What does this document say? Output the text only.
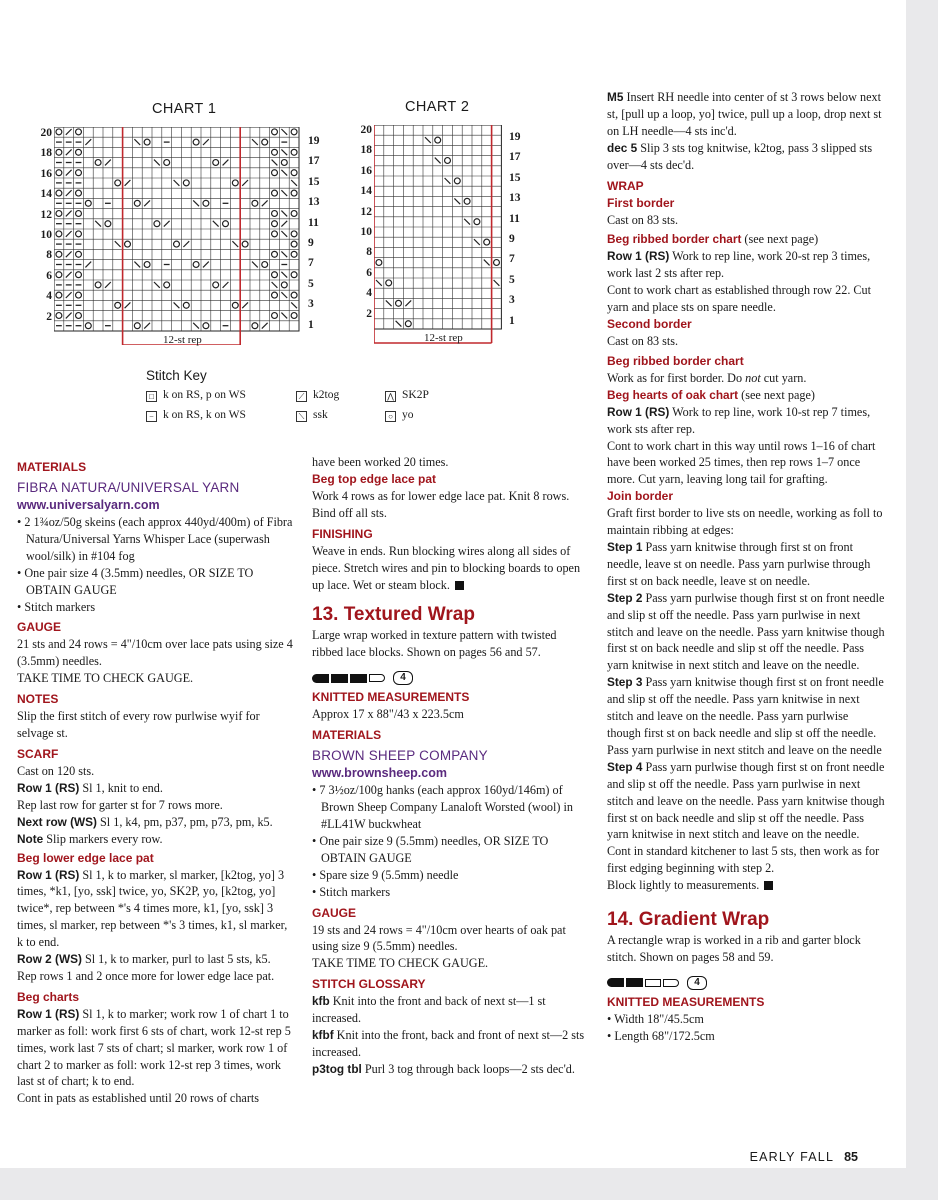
CHART 1
20
18
16
14
12
10
8
6
4
2
19
17
15
13
11
9
7
5
3
1
12-st rep
CHART 2
20
18
16
14
12
10
8
6
4
2
19
17
15
13
11
9
7
5
3
1
12-st rep
Stitch Key
□ k on RS, p on WS
− k on RS, k on WS
⟋ k2tog
⟍ ssk
⋀ SK2P
○ yo

MATERIALS

FIBRA NATURA/UNIVERSAL YARN

www.universalyarn.com

• 2 1¾oz/50g skeins (each approx 440yd/400m) of Fibra Natura/Universal Yarns Whisper Lace (superwash wool/silk) in #104 fog

• One pair size 4 (3.5mm) needles, OR SIZE TO OBTAIN GAUGE

• Stitch markers

GAUGE

21 sts and 24 rows = 4"/10cm over lace pats using size 4 (3.5mm) needles.

TAKE TIME TO CHECK GAUGE.

NOTES

Slip the first stitch of every row purlwise wyif for selvage st.

SCARF

Cast on 120 sts.

Row 1 (RS) Sl 1, knit to end.

Rep last row for garter st for 7 rows more.

Next row (WS) Sl 1, k4, pm, p37, pm, p73, pm, k5.

Note Slip markers every row.

Beg lower edge lace pat

Row 1 (RS) Sl 1, k to marker, sl marker, [k2tog, yo] 3 times, *k1, [yo, ssk] twice, yo, SK2P, yo, [k2tog, yo] twice*, rep between *'s 4 times more, k1, [yo, ssk] 3 times, sl marker, rep between *'s 3 times, k1, sl marker, k to end.

Row 2 (WS) Sl 1, k to marker, purl to last 5 sts, k5. Rep rows 1 and 2 once more for lower edge lace pat.

Beg charts

Row 1 (RS) Sl 1, k to marker; work row 1 of chart 1 to marker as foll: work first 6 sts of chart, work 12-st rep 5 times, work last 7 sts of chart; sl marker, work row 1 of chart 2 to marker as foll: work 12-st rep 3 times, work last st of chart; k to end.

Cont in pats as established until 20 rows of charts

have been worked 20 times.

Beg top edge lace pat

Work 4 rows as for lower edge lace pat. Knit 8 rows. Bind off all sts.

FINISHING

Weave in ends. Run blocking wires along all sides of piece. Stretch wires and pin to blocking boards to open up lace. Wet or steam block.

13. Textured Wrap

Large wrap worked in texture pattern with twisted ribbed lace blocks. Shown on pages 56 and 57.

4

KNITTED MEASUREMENTS

Approx 17 x 88"/43 x 223.5cm

MATERIALS

BROWN SHEEP COMPANY

www.brownsheep.com

• 7 3½oz/100g hanks (each approx 160yd/146m) of Brown Sheep Company Lanaloft Worsted (wool) in #LL41W buckwheat

• One pair size 9 (5.5mm) needles, OR SIZE TO OBTAIN GAUGE

• Spare size 9 (5.5mm) needle

• Stitch markers

GAUGE

19 sts and 24 rows = 4"/10cm over hearts of oak pat using size 9 (5.5mm) needles.

TAKE TIME TO CHECK GAUGE.

STITCH GLOSSARY

kfb Knit into the front and back of next st—1 st increased.

kfbf Knit into the front, back and front of next st—2 sts increased.

p3tog tbl Purl 3 tog through back loops—2 sts dec'd.

M5 Insert RH needle into center of st 3 rows below next st, [pull up a loop, yo] twice, pull up a loop, drop next st on LH needle—4 sts inc'd.

dec 5 Slip 3 sts tog knitwise, k2tog, pass 3 slipped sts over—4 sts dec'd.

WRAP

First border

Cast on 83 sts.

Beg ribbed border chart (see next page)

Row 1 (RS) Work to rep line, work 20-st rep 3 times, work last 2 sts after rep.

Cont to work chart as established through row 22. Cut yarn and place sts on spare needle.

Second border

Cast on 83 sts.

Beg ribbed border chart

Work as for first border. Do not cut yarn.

Beg hearts of oak chart (see next page)

Row 1 (RS) Work to rep line, work 10-st rep 7 times, work sts after rep.

Cont to work chart in this way until rows 1–16 of chart have been worked 25 times, then rep rows 1–7 once more. Cut yarn, leaving long tail for grafting.

Join border

Graft first border to live sts on needle, working as foll to maintain ribbing at edges:

Step 1 Pass yarn knitwise through first st on front needle, leave st on needle. Pass yarn purlwise through first st on back needle, leave st on needle.

Step 2 Pass yarn purlwise though first st on front needle and slip st off the needle. Pass yarn purlwise in next stitch and leave on the needle. Pass yarn knitwise though first st on back needle and slip st off the needle. Pass yarn knitwise in next stitch and leave on the needle.

Step 3 Pass yarn knitwise though first st on front needle and slip st off the needle. Pass yarn knitwise in next stitch and leave on the needle. Pass yarn purlwise though first st on back needle and slip st off the needle. Pass yarn purlwise in next stitch and leave on the needle

Step 4 Pass yarn purlwise though first st on front needle and slip st off the needle. Pass yarn purlwise in next stitch and leave on the needle. Pass yarn knitwise though first st on back needle and slip st off the needle. Pass yarn knitwise in next stitch and leave on the needle.

Cont in standard kitchener to last 5 sts, then work as for first edging beginning with step 2.

Block lightly to measurements.

14. Gradient Wrap

A rectangle wrap is worked in a rib and garter block stitch. Shown on pages 58 and 59.

4

KNITTED MEASUREMENTS

• Width 18"/45.5cm

• Length 68"/172.5cm

EARLY FALL 85
